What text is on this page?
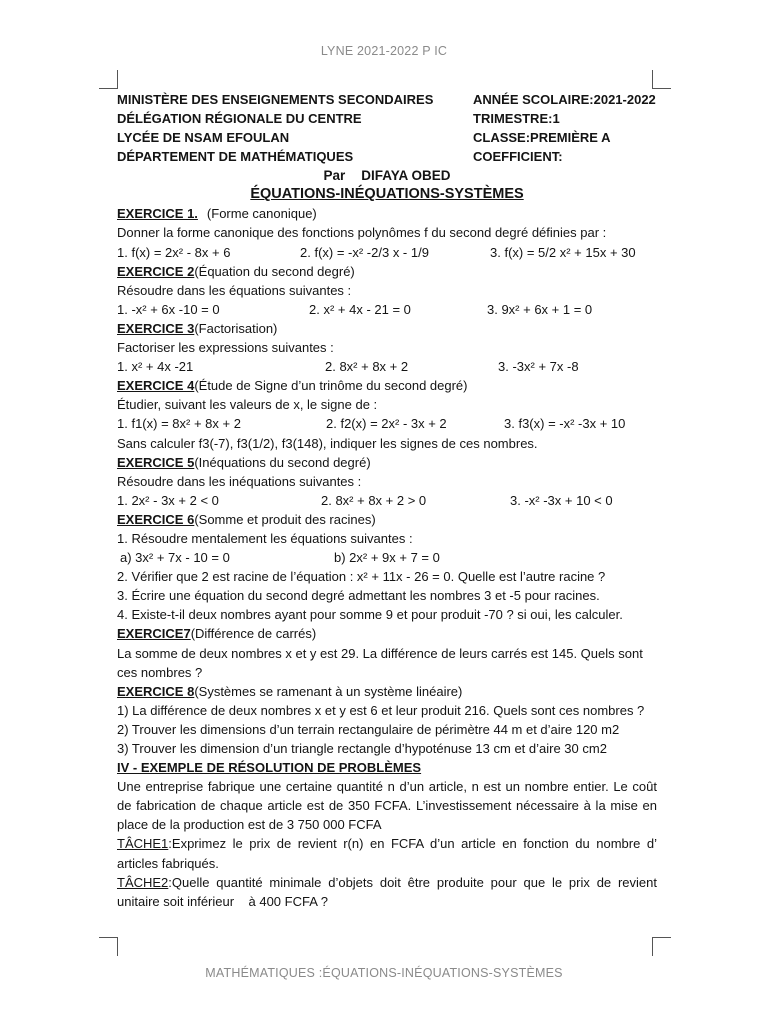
LYNE 2021-2022 P IC
MINISTÈRE DES ENSEIGNEMENTS SECONDAIRES	ANNÉE SCOLAIRE:2021-2022
DÉLÉGATION RÉGIONALE DU CENTRE	TRIMESTRE:1
LYCÉE DE NSAM EFOULAN	CLASSE:PREMIÈRE A
DÉPARTEMENT DE MATHÉMATIQUES	COEFFICIENT:
Par DIFAYA OBED
ÉQUATIONS-INÉQUATIONS-SYSTÈMES
EXERCICE 1. (Forme canonique)
Donner la forme canonique des fonctions polynômes f du second degré définies par :
1. f(x) = 2x² - 8x + 6	2. f(x) = -x² -2/3 x - 1/9	3. f(x) = 5/2 x² + 15x + 30
EXERCICE 2(Équation du second degré)
Résoudre dans les équations suivantes :
1. -x² + 6x -10 = 0	2. x² + 4x - 21 = 0	3. 9x² + 6x + 1 = 0
EXERCICE 3(Factorisation)
Factoriser les expressions suivantes :
1. x² + 4x -21	2. 8x² + 8x + 2	3. -3x² + 7x -8
EXERCICE 4(Étude de Signe d’un trinôme du second degré)
Étudier, suivant les valeurs de x, le signe de :
1. f1(x) = 8x² + 8x + 2	2. f2(x) = 2x² - 3x + 2	3. f3(x) = -x² -3x + 10
Sans calculer f3(-7), f3(1/2), f3(148), indiquer les signes de ces nombres.
EXERCICE 5(Inéquations du second degré)
Résoudre dans les inéquations suivantes :
1. 2x² - 3x + 2 < 0	2. 8x² + 8x + 2 > 0	3. -x² -3x + 10 < 0
EXERCICE 6(Somme et produit des racines)
1. Résoudre mentalement les équations suivantes :
a) 3x² + 7x - 10 = 0	b) 2x² + 9x + 7 = 0
2. Vérifier que 2 est racine de l’équation : x² + 11x - 26 = 0. Quelle est l’autre racine ?
3. Écrire une équation du second degré admettant les nombres 3 et -5 pour racines.
4. Existe-t-il deux nombres ayant pour somme 9 et pour produit -70 ? si oui, les calculer.
EXERCICE7(Différence de carrés)
La somme de deux nombres x et y est 29. La différence de leurs carrés est 145. Quels sont ces nombres ?
EXERCICE 8(Systèmes se ramenant à un système linéaire)
1) La différence de deux nombres x et y est 6 et leur produit 216. Quels sont ces nombres ?
2) Trouver les dimensions d’un terrain rectangulaire de périmètre 44 m et d’aire 120 m2
3) Trouver les dimension d’un triangle rectangle d’hypoténuse 13 cm et d’aire 30 cm2
IV - EXEMPLE DE RÉSOLUTION DE PROBLÈMES
Une entreprise fabrique une certaine quantité n d’un article, n est un nombre entier. Le coût de fabrication de chaque article est de 350 FCFA. L’investissement nécessaire à la mise en place de la production est de 3 750 000 FCFA
TÂCHE1:Exprimez le prix de revient r(n) en FCFA d’un article en fonction du nombre d’ articles fabriqués.
TÂCHE2:Quelle quantité minimale d’objets doit être produite pour que le prix de revient unitaire soit inférieur    à 400 FCFA ?
MATHÉMATIQUES :ÉQUATIONS-INÉQUATIONS-SYSTÈMES
